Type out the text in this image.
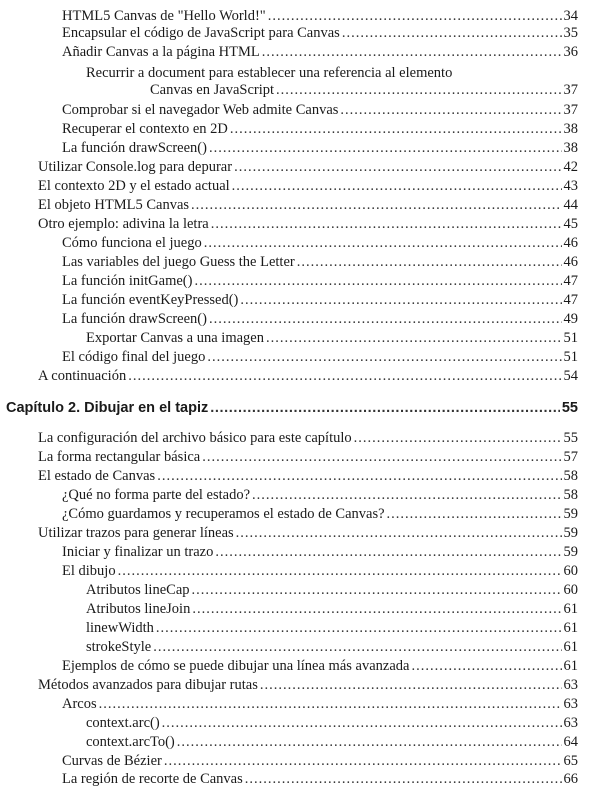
HTML5 Canvas de "Hello World!" .....	34
Encapsular el código de JavaScript para Canvas .....	35
Añadir Canvas a la página HTML .....	36
Recurrir a document para establecer una referencia al elemento
Canvas en JavaScript .....	37
Comprobar si el navegador Web admite Canvas .....	37
Recuperar el contexto en 2D .....	38
La función drawScreen() .....	38
Utilizar Console.log para depurar .....	42
El contexto 2D y el estado actual .....	43
El objeto HTML5 Canvas .....	44
Otro ejemplo: adivina la letra .....	45
Cómo funciona el juego .....	46
Las variables del juego Guess the Letter .....	46
La función initGame() .....	47
La función eventKeyPressed() .....	47
La función drawScreen() .....	49
Exportar Canvas a una imagen .....	51
El código final del juego .....	51
A continuación .....	54
Capítulo 2. Dibujar en el tapiz .....	55
La configuración del archivo básico para este capítulo .....	55
La forma rectangular básica .....	57
El estado de Canvas .....	58
¿Qué no forma parte del estado? .....	58
¿Cómo guardamos y recuperamos el estado de Canvas? .....	59
Utilizar trazos para generar líneas .....	59
Iniciar y finalizar un trazo .....	59
El dibujo .....	60
Atributos lineCap .....	60
Atributos lineJoin .....	61
linewWidth .....	61
strokeStyle .....	61
Ejemplos de cómo se puede dibujar una línea más avanzada .....	61
Métodos avanzados para dibujar rutas .....	63
Arcos .....	63
context.arc() .....	63
context.arcTo() .....	64
Curvas de Bézier .....	65
La región de recorte de Canvas .....	66
